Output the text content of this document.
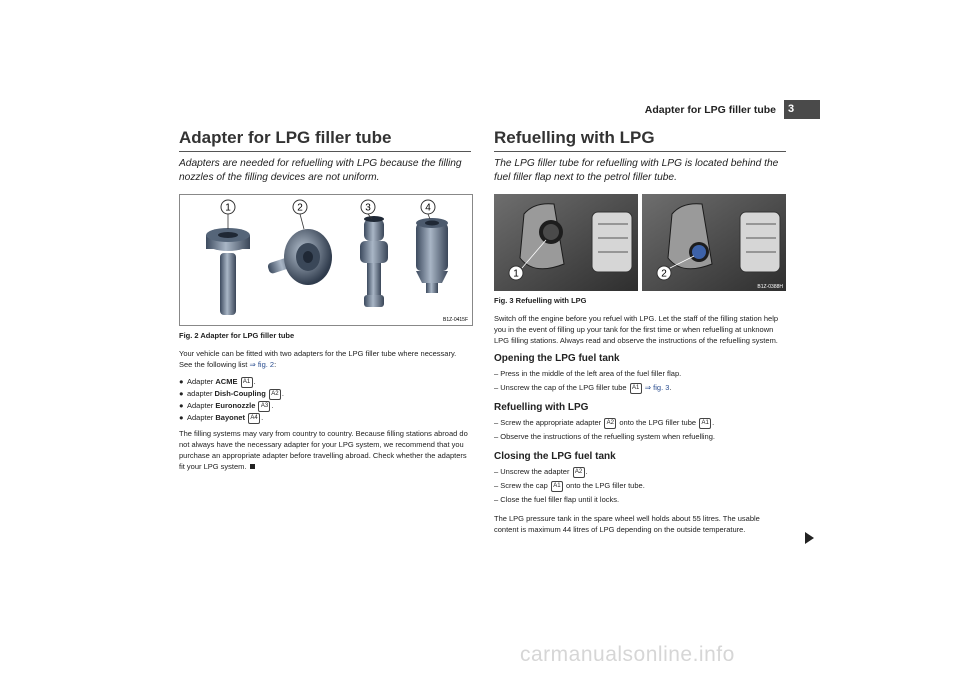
Adapter for LPG filler tube	3
Adapter for LPG filler tube
Adapters are needed for refuelling with LPG because the filling nozzles of the filling devices are not uniform.
1	2	3	4
B1Z-0415F
Fig. 2 Adapter for LPG filler tube

Your vehicle can be fitted with two adapters for the LPG filler tube where necessary. See the following list ⇒ fig. 2:

● Adapter ACME A1 .
● adapter Dish-Coupling A2 .
● Adapter Euronozzle A3 .
● Adapter Bayonet A4 .

The filling systems may vary from country to country. Because filling stations abroad do not always have the necessary adapter for your LPG system, we recommend that you purchase an appropriate adapter before travelling abroad. Check whether the adapters fit your LPG system.

Refuelling with LPG
The LPG filler tube for refuelling with LPG is located behind the fuel filler flap next to the petrol filler tube.
1	2
B1Z-0388H
Fig. 3 Refuelling with LPG

Switch off the engine before you refuel with LPG. Let the staff of the filling station help you in the event of filling up your tank for the first time or when refuelling at unknown LPG filling stations. Always read and observe the instructions of the refuelling system.

Opening the LPG fuel tank
– Press in the middle of the left area of the fuel filler flap.
– Unscrew the cap of the LPG filler tube A1 ⇒ fig. 3.
Refuelling with LPG
– Screw the appropriate adapter A2 onto the LPG filler tube A1 .
– Observe the instructions of the refuelling system when refuelling.
Closing the LPG fuel tank
– Unscrew the adapter A2 .
– Screw the cap A1 onto the LPG filler tube.
– Close the fuel filler flap until it locks.

The LPG pressure tank in the spare wheel well holds about 55 litres. The usable content is maximum 44 litres of LPG depending on the outside temperature.

carmanualsonline.info
